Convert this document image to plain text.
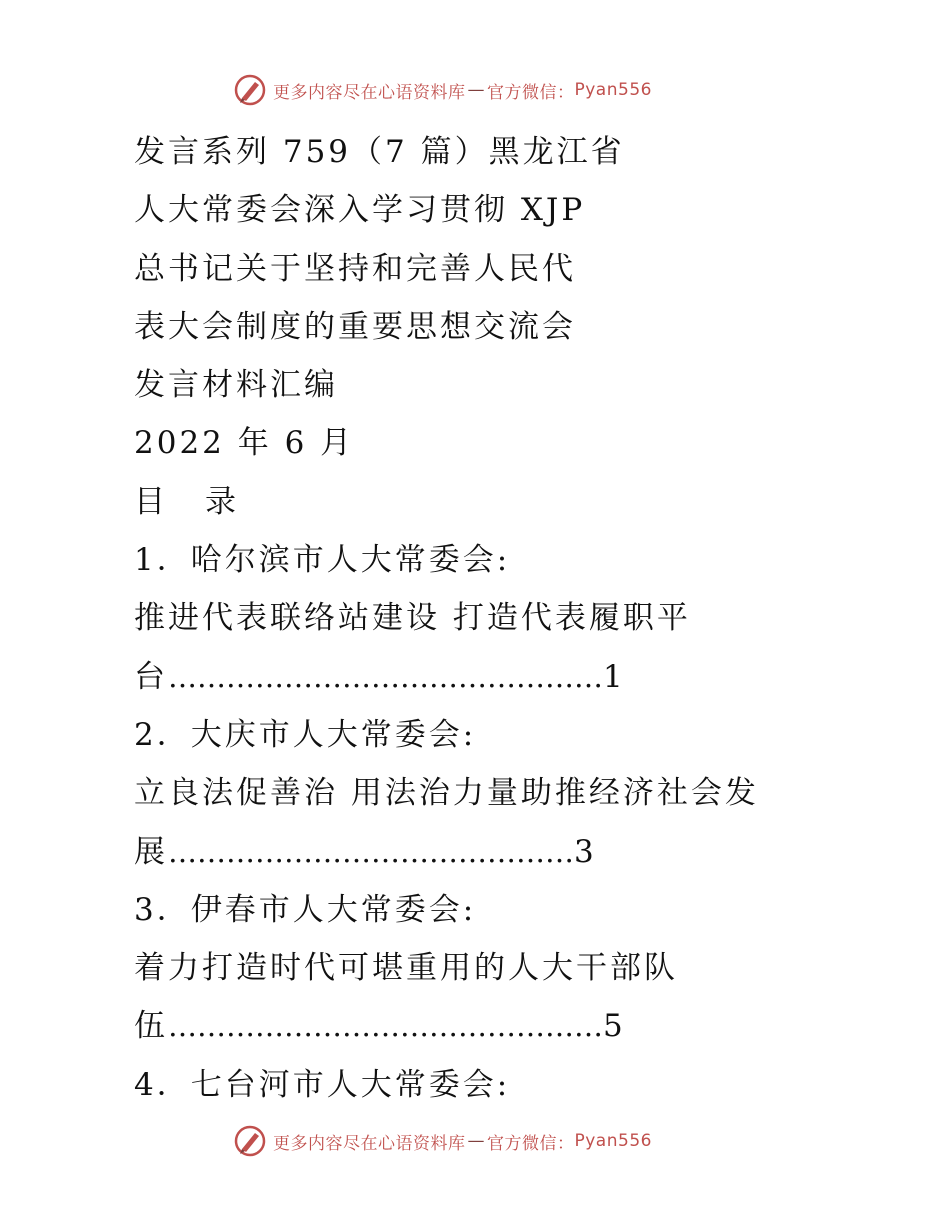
更多内容尽在心语资料库 — 官方微信： Pyan556
发言系列 759（7 篇）黑龙江省
人大常委会深入学习贯彻 XJP
总书记关于坚持和完善人民代
表大会制度的重要思想交流会
发言材料汇编
2022 年 6 月
目 录
1．哈尔滨市人大常委会:
推进代表联络站建设 打造代表履职平
台………………………………………1
2．大庆市人大常委会:
立良法促善治 用法治力量助推经济社会发
展……………………………………3
3．伊春市人大常委会:
着力打造时代可堪重用的人大干部队
伍………………………………………5
4．七台河市人大常委会:
更多内容尽在心语资料库 — 官方微信： Pyan556
